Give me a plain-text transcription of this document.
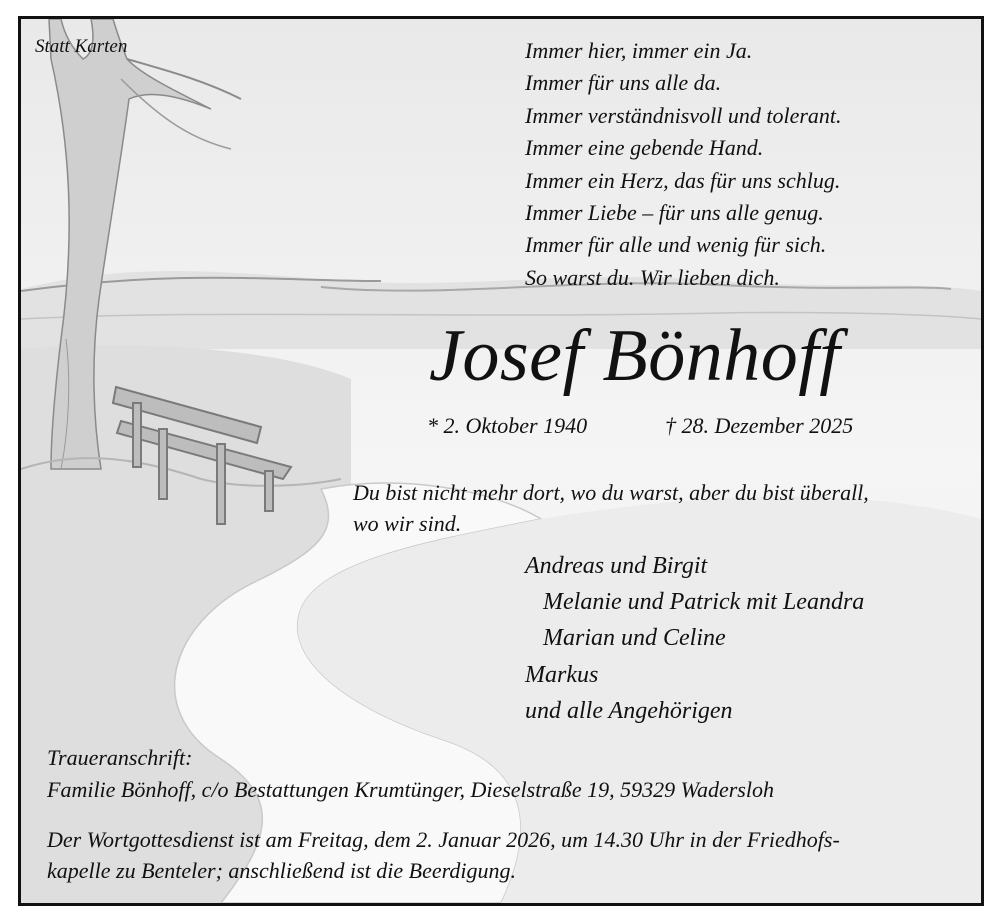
Statt Karten	Immer hier, immer ein Ja.
Immer für uns alle da.
Immer verständnisvoll und tolerant.
Immer eine gebende Hand.
Immer ein Herz, das für uns schlug.
Immer Liebe – für uns alle genug.
Immer für alle und wenig für sich.
So warst du. Wir lieben dich.
Josef Bönhoff

* 2. Oktober 1940	† 28. Dezember 2025

Du bist nicht mehr dort, wo du warst, aber du bist überall,
wo wir sind.
Andreas und Birgit
Melanie und Patrick mit Leandra
Marian und Celine
Markus
und alle Angehörigen

Traueranschrift:

Familie Bönhoff, c/o Bestattungen Krumtünger, Dieselstraße 19, 59329 Wadersloh

Der Wortgottesdienst ist am Freitag, dem 2. Januar 2026, um 14.30 Uhr in der Friedhofs-
kapelle zu Benteler; anschließend ist die Beerdigung.
